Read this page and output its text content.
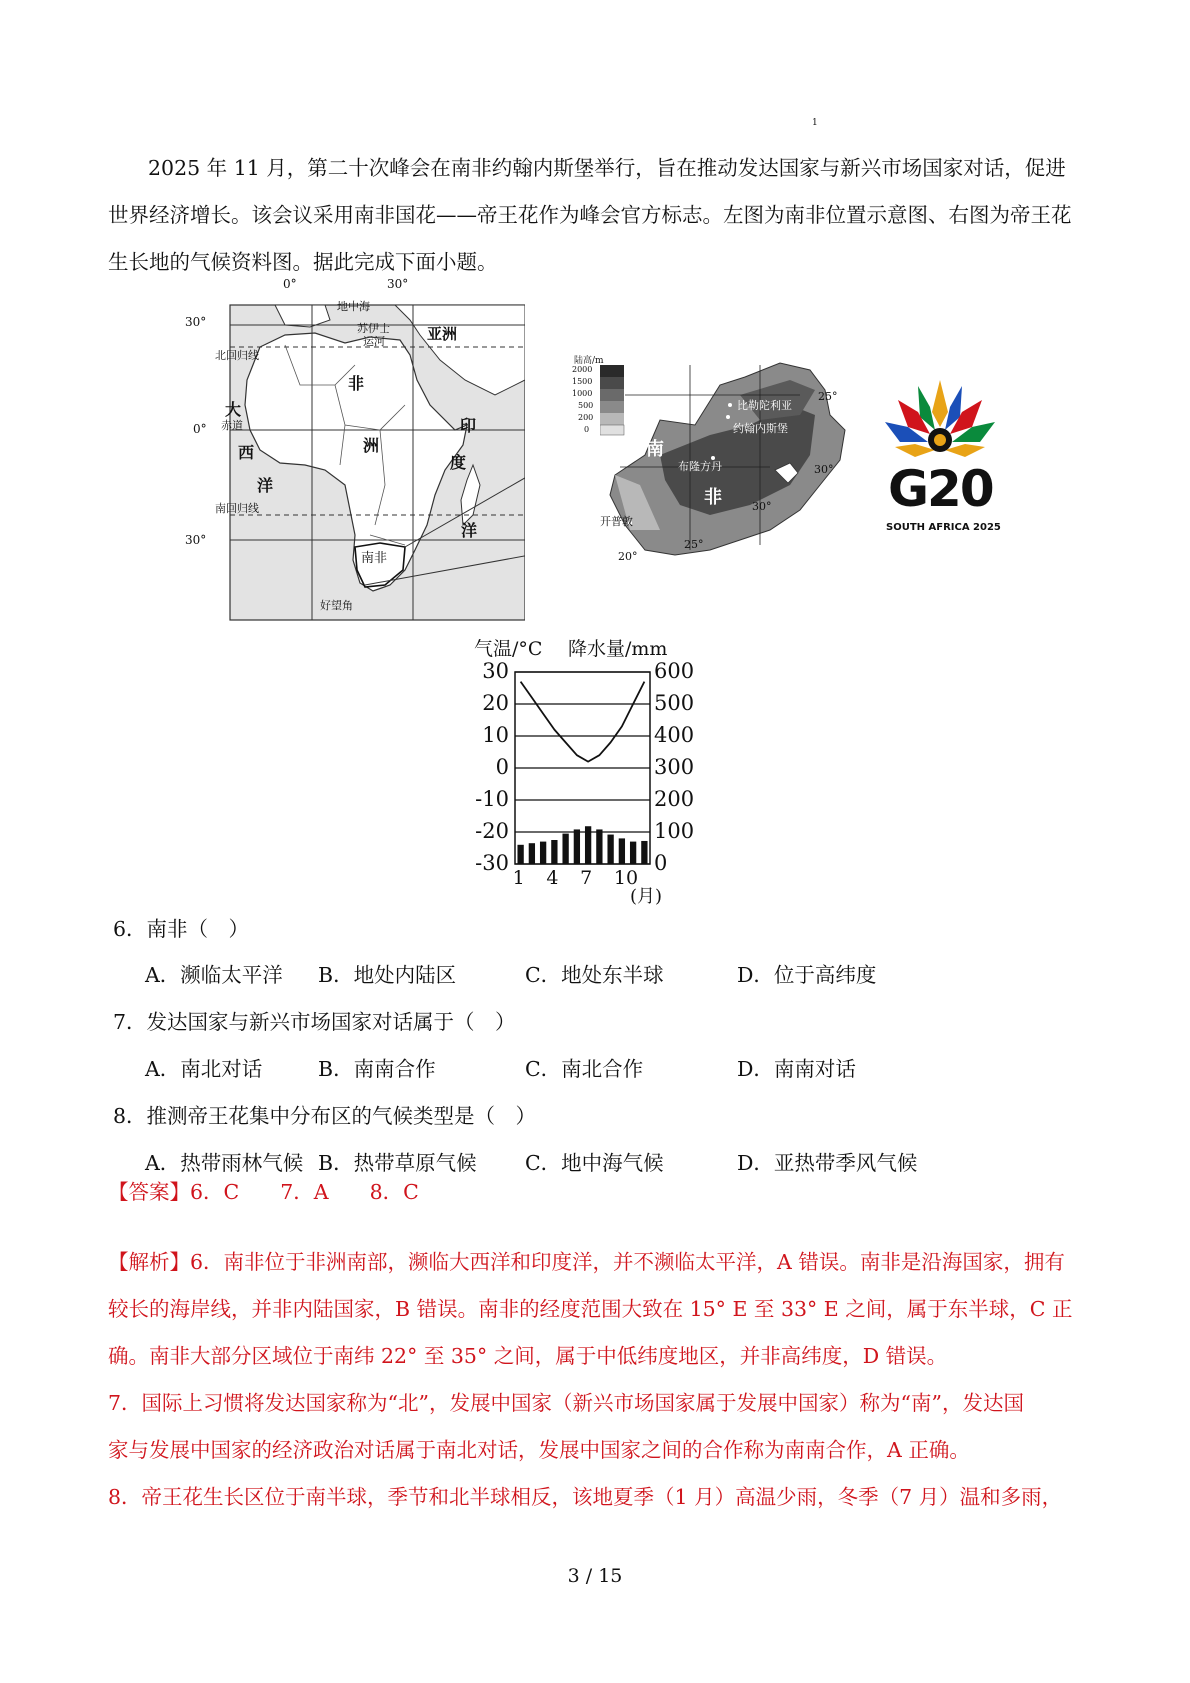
1
2025 年 11 月，第二十次峰会在南非约翰内斯堡举行，旨在推动发达国家与新兴市场国家对话，促进
世界经济增长。该会议采用南非国花——帝王花作为峰会官方标志。左图为南非位置示意图、右图为帝王花
生长地的气候资料图。据此完成下面小题。
0°	30°
30°
0°
30°
地中海
苏伊士
运河	亚洲
北回归线
非
洲
大
赤道
西
洋
印
度
洋
南回归线
南非
好望角
陆高/m
2000
1500
1000
500
200
0
比勒陀利亚
约翰内斯堡
布隆方丹
开普敦
南
非
25°
30°
30°
20°
25°
G20
SOUTH AFRICA 2025
气温/°C 降水量/mm
30
20
10
0
-10
-20
-30
600
500
400
300
200
100
0
1 4 7 10
(月)
6．南非（　）
A．濒临太平洋 B．地处内陆区	C．地处东半球	D．位于高纬度
7．发达国家与新兴市场国家对话属于（　）
A．南北对话	B．南南合作	C．南北合作	D．南南对话
8．推测帝王花集中分布区的气候类型是（　）
A．热带雨林气候 B．热带草原气候 C．地中海气候	D．亚热带季风气候
【答案】6．C　　7．A　　8．C
【解析】6．南非位于非洲南部，濒临大西洋和印度洋，并不濒临太平洋，A 错误。南非是沿海国家，拥有
较长的海岸线，并非内陆国家，B 错误。南非的经度范围大致在 15° E 至 33° E 之间，属于东半球，C 正
确。南非大部分区域位于南纬 22° 至 35° 之间，属于中低纬度地区，并非高纬度，D 错误。
7．国际上习惯将发达国家称为“北”，发展中国家（新兴市场国家属于发展中国家）称为“南”，发达国
家与发展中国家的经济政治对话属于南北对话，发展中国家之间的合作称为南南合作，A 正确。
8．帝王花生长区位于南半球，季节和北半球相反，该地夏季（1 月）高温少雨，冬季（7 月）温和多雨，
3 / 15
